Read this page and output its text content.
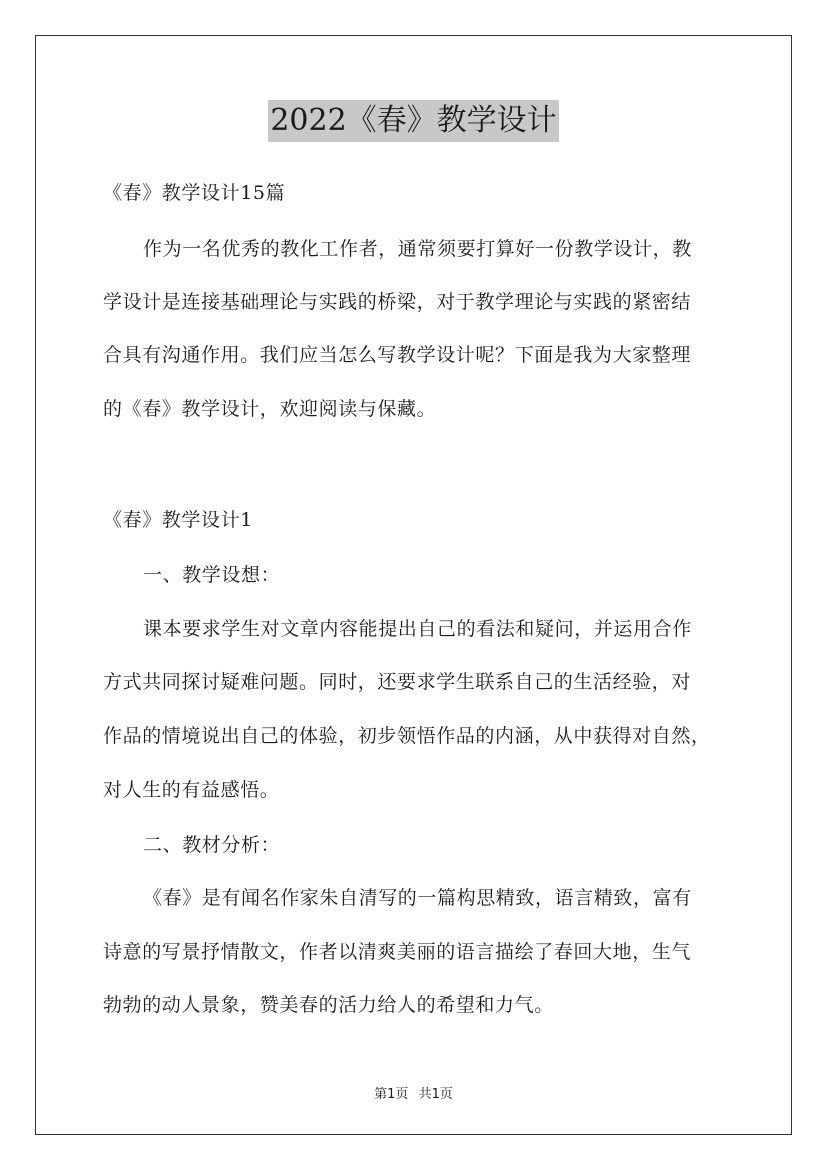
2022《春》教学设计
《春》教学设计15篇
作为一名优秀的教化工作者，通常须要打算好一份教学设计，教
学设计是连接基础理论与实践的桥梁，对于教学理论与实践的紧密结
合具有沟通作用。我们应当怎么写教学设计呢？下面是我为大家整理
的《春》教学设计，欢迎阅读与保藏。
《春》教学设计1
一、教学设想：
课本要求学生对文章内容能提出自己的看法和疑问，并运用合作
方式共同探讨疑难问题。同时，还要求学生联系自己的生活经验，对
作品的情境说出自己的体验，初步领悟作品的内涵，从中获得对自然，
对人生的有益感悟。
二、教材分析：
《春》是有闻名作家朱自清写的一篇构思精致，语言精致，富有
诗意的写景抒情散文，作者以清爽美丽的语言描绘了春回大地，生气
勃勃的动人景象，赞美春的活力给人的希望和力气。
第1页 共1页
